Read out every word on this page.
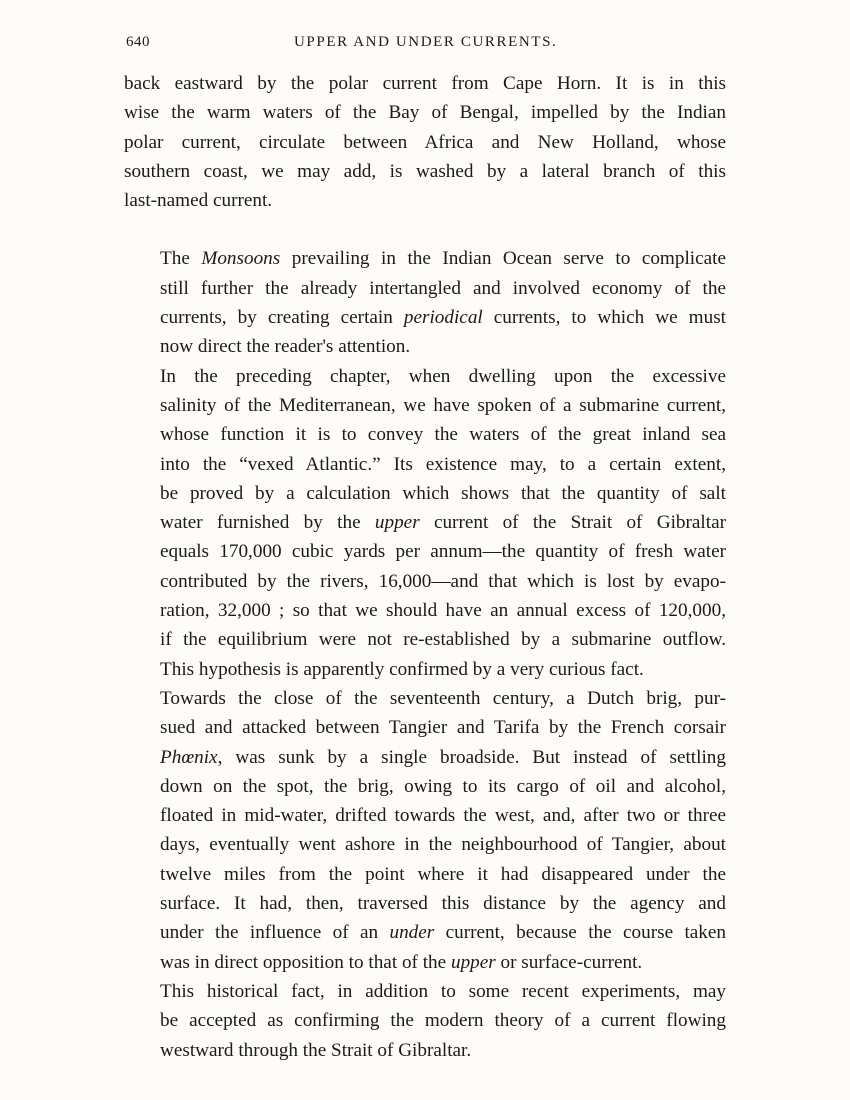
640	UPPER AND UNDER CURRENTS.

back eastward by the polar current from Cape Horn. It is in this
wise the warm waters of the Bay of Bengal, impelled by the Indian
polar current, circulate between Africa and New Holland, whose
southern coast, we may add, is washed by a lateral branch of this
last-named current.

The Monsoons prevailing in the Indian Ocean serve to complicate
still further the already intertangled and involved economy of the
currents, by creating certain periodical currents, to which we must
now direct the reader's attention.

In the preceding chapter, when dwelling upon the excessive
salinity of the Mediterranean, we have spoken of a submarine current,
whose function it is to convey the waters of the great inland sea
into the “vexed Atlantic.” Its existence may, to a certain extent,
be proved by a calculation which shows that the quantity of salt
water furnished by the upper current of the Strait of Gibraltar
equals 170,000 cubic yards per annum—the quantity of fresh water
contributed by the rivers, 16,000—and that which is lost by evapo-
ration, 32,000 ; so that we should have an annual excess of 120,000,
if the equilibrium were not re-established by a submarine outflow.
This hypothesis is apparently confirmed by a very curious fact.

Towards the close of the seventeenth century, a Dutch brig, pur-
sued and attacked between Tangier and Tarifa by the French corsair
Phœnix, was sunk by a single broadside. But instead of settling
down on the spot, the brig, owing to its cargo of oil and alcohol,
floated in mid-water, drifted towards the west, and, after two or three
days, eventually went ashore in the neighbourhood of Tangier, about
twelve miles from the point where it had disappeared under the
surface. It had, then, traversed this distance by the agency and
under the influence of an under current, because the course taken
was in direct opposition to that of the upper or surface-current.

This historical fact, in addition to some recent experiments, may
be accepted as confirming the modern theory of a current flowing
westward through the Strait of Gibraltar.
